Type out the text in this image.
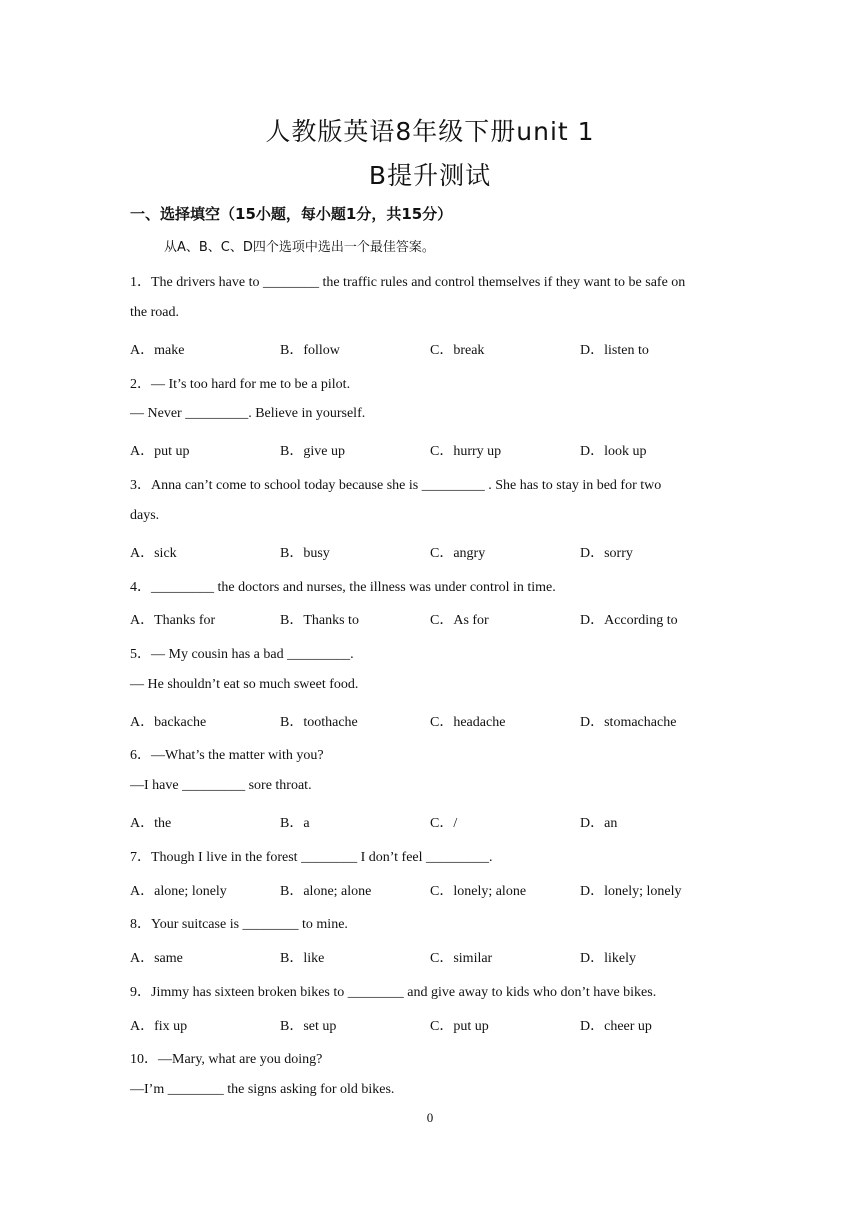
人教版英语8年级下册unit 1
B提升测试
一、选择填空（15小题，每小题1分，共15分）
从A、B、C、D四个选项中选出一个最佳答案。
1．The drivers have to ________ the traffic rules and control themselves if they want to be safe on
the road.
A．make	B．follow	C．break	D．listen to
2．— It’s too hard for me to be a pilot.
— Never _________. Believe in yourself.
A．put up	B．give up	C．hurry up	D．look up
3．Anna can’t come to school today because she is _________ . She has to stay in bed for two
days.
A．sick	B．busy	C．angry	D．sorry
4．_________ the doctors and nurses, the illness was under control in time.
A．Thanks for	B．Thanks to	C．As for	D．According to
5．— My cousin has a bad _________.
— He shouldn’t eat so much sweet food.
A．backache	B．toothache	C．headache	D．stomachache
6．—What’s the matter with you?
—I have _________ sore throat.
A．the	B．a	C．/	D．an
7．Though I live in the forest ________ I don’t feel _________.
A．alone; lonely	B．alone; alone	C．lonely; alone	D．lonely; lonely
8．Your suitcase is ________ to mine.
A．same	B．like	C．similar	D．likely
9．Jimmy has sixteen broken bikes to ________ and give away to kids who don’t have bikes.
A．fix up	B．set up	C．put up	D．cheer up
10．—Mary, what are you doing?
—I’m ________ the signs asking for old bikes.
0
